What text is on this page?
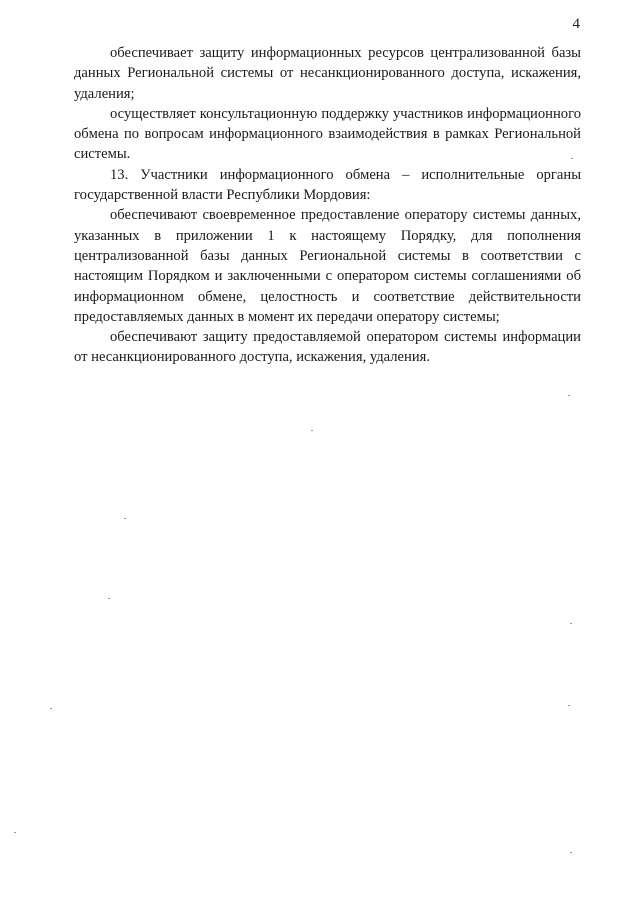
4

обеспечивает защиту информационных ресурсов централизованной базы данных Региональной системы от несанкционированного доступа, искажения, удаления;

осуществляет консультационную поддержку участников информационного обмена по вопросам информационного взаимодействия в рамках Региональной системы.

13. Участники информационного обмена – исполнительные органы государственной власти Республики Мордовия:

обеспечивают своевременное предоставление оператору системы данных, указанных в приложении 1 к настоящему Порядку, для пополнения централизованной базы данных Региональной системы в соответствии с настоящим Порядком и заключенными с оператором системы соглашениями об информационном обмене, целостность и соответствие действительности предоставляемых данных в момент их передачи оператору системы;

обеспечивают защиту предоставляемой оператором системы информации от несанкционированного доступа, искажения, удаления.
